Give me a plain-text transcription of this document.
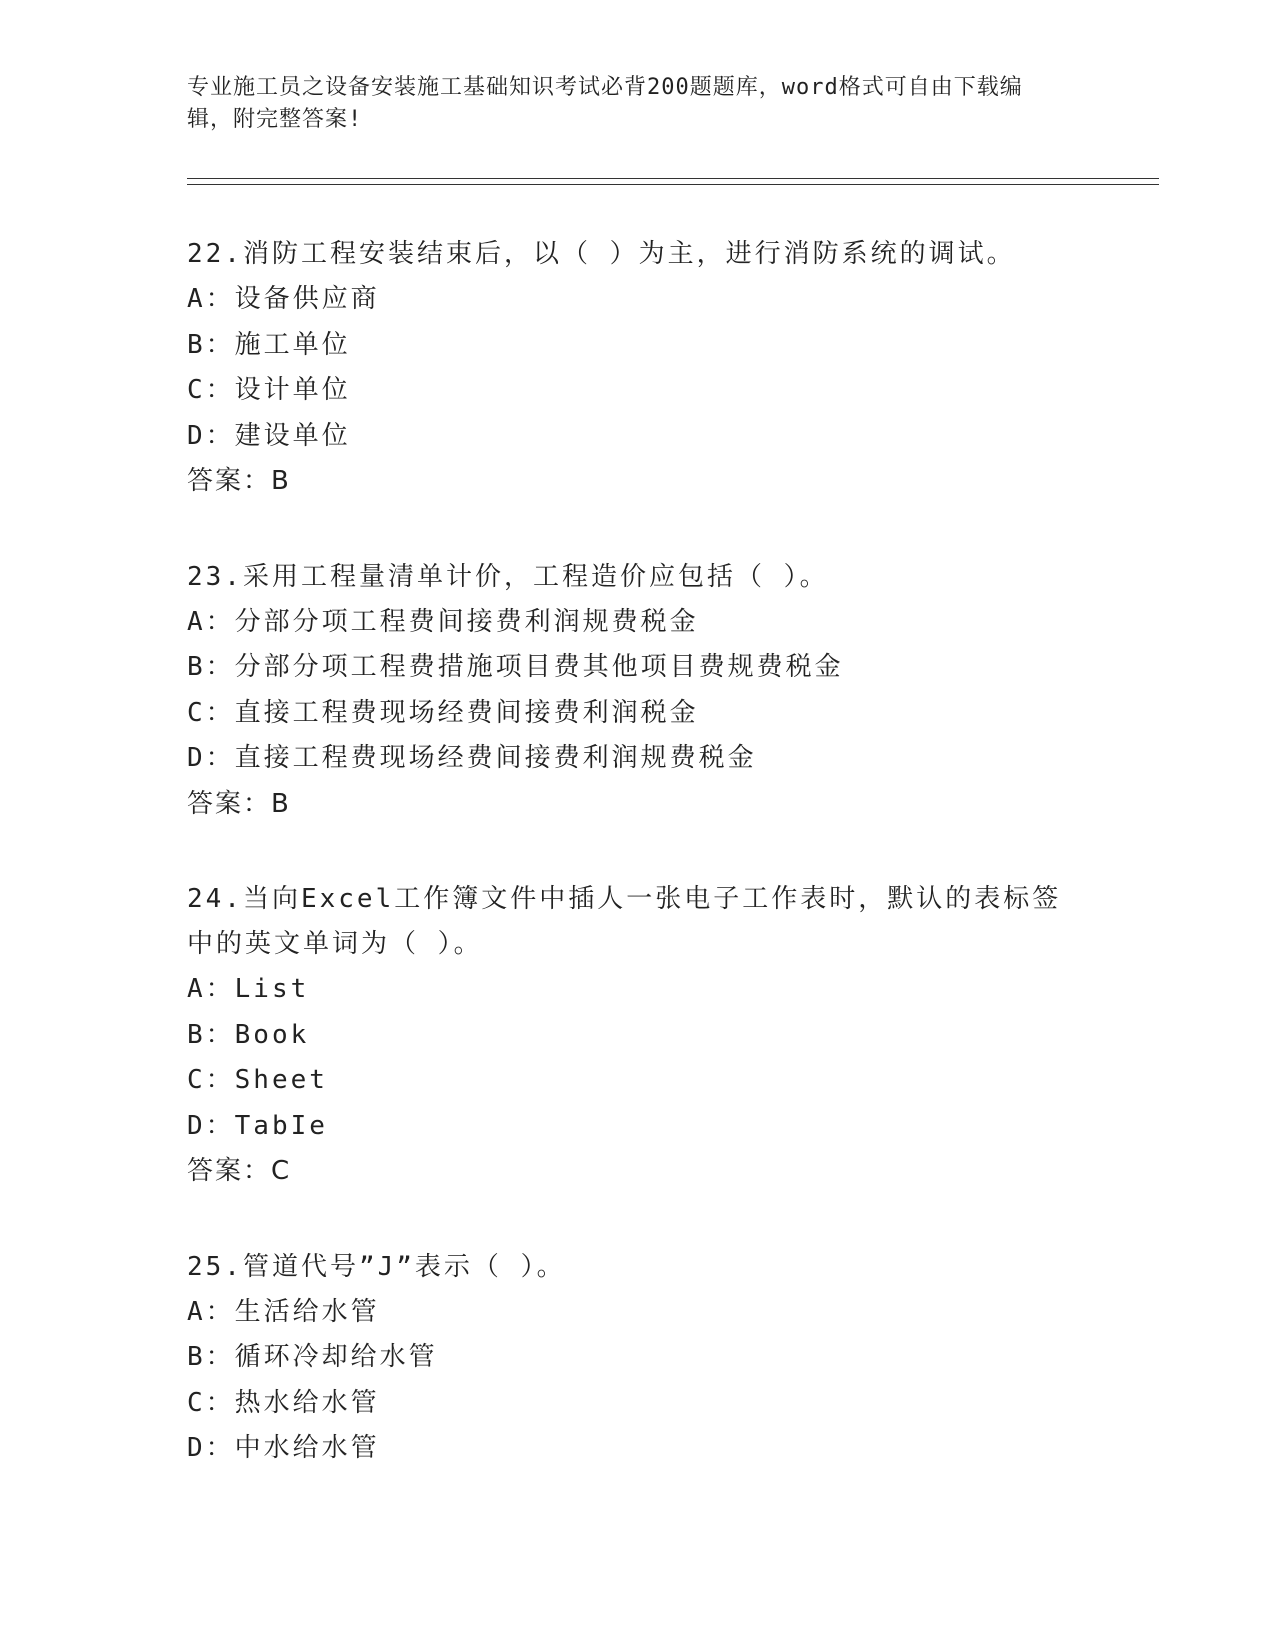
专业施工员之设备安装施工基础知识考试必背200题题库，word格式可自由下载编辑，附完整答案!
22.消防工程安装结束后，以（ ）为主，进行消防系统的调试。
A：设备供应商
B：施工单位
C：设计单位
D：建设单位
答案：B
23.采用工程量清单计价，工程造价应包括（ ）。
A：分部分项工程费间接费利润规费税金
B：分部分项工程费措施项目费其他项目费规费税金
C：直接工程费现场经费间接费利润税金
D：直接工程费现场经费间接费利润规费税金
答案：B
24.当向Excel工作簿文件中插人一张电子工作表时，默认的表标签中的英文单词为（ ）。
A：List
B：Book
C：Sheet
D：TabIe
答案：C
25.管道代号”J”表示（ ）。
A：生活给水管
B：循环冷却给水管
C：热水给水管
D：中水给水管
